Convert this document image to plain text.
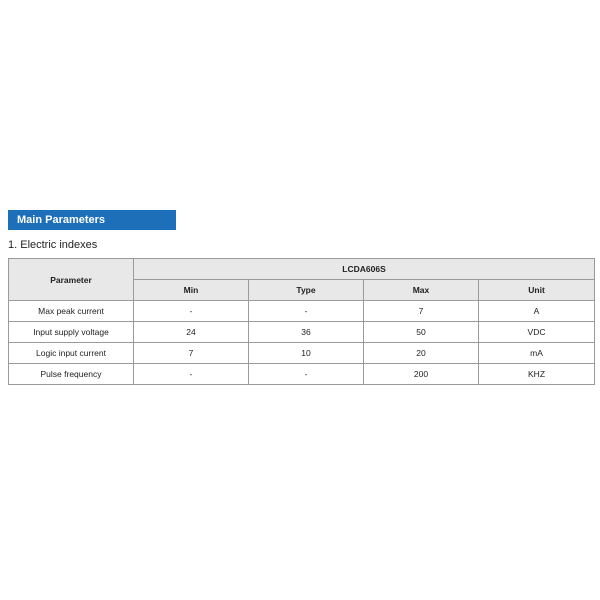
Main Parameters
1. Electric indexes
Parameter	LCDA606S			
	Min	Type	Max	Unit
Max peak current	-	-	7	A
Input supply voltage	24	36	50	VDC
Logic input current	7	10	20	mA
Pulse frequency	-	-	200	KHZ
